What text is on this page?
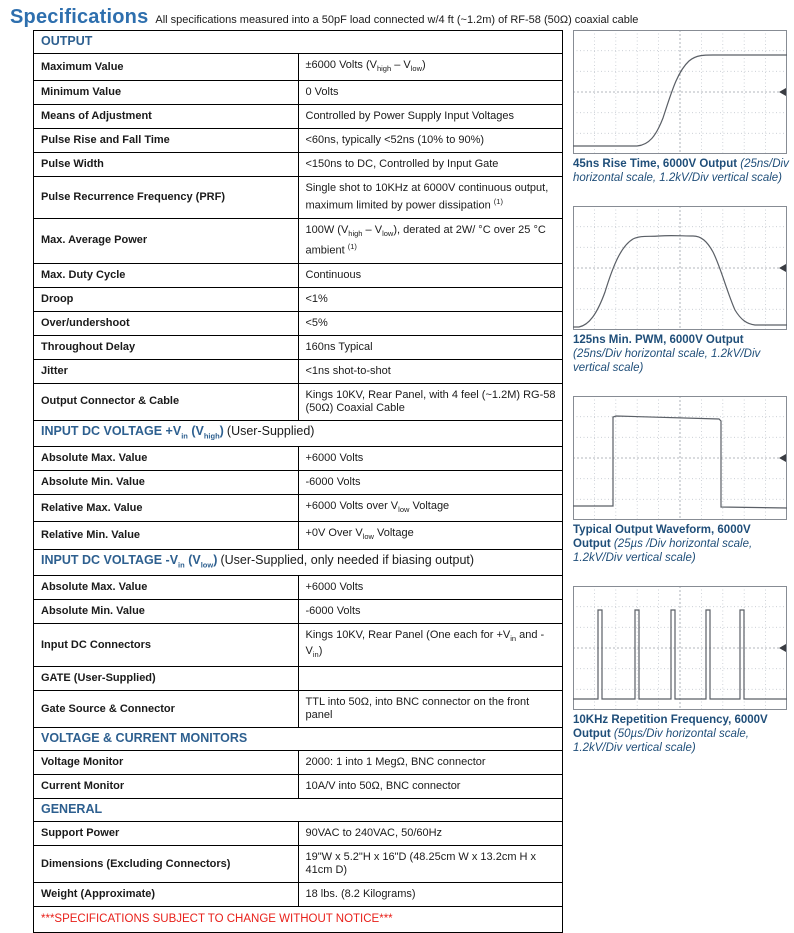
Specifications All specifications measured into a 50pF load connected w/4 ft (~1.2m) of RF-58 (50Ω) coaxial cable
OUTPUT	
Maximum Value	±6000 Volts $(V_{high} - V_{low})$
Minimum Value	0 Volts
Means of Adjustment	Controlled by Power Supply Input Voltages
Pulse Rise and Fall Time	<60ns, typically <52ns (10% to 90%)
Pulse Width	<150ns to DC, Controlled by Input Gate
Pulse Recurrence Frequency (PRF)	Single shot to 10KHz at 6000V continuous output, maximum limited by power dissipation $^{(1)}$
Max. Average Power	100W $(V_{high} - V_{low})$, derated at 2W/ °C over 25 °C ambient $^{(1)}$
Max. Duty Cycle	Continuous
Droop	<1%
Over/undershoot	<5%
Throughout Delay	160ns Typical
Jitter	<1ns shot-to-shot
Output Connector & Cable	Kings 10KV, Rear Panel, with 4 feel (~1.2M) RG-58 (50Ω) Coaxial Cable
INPUT DC VOLTAGE $+V_{in}$ $(V_{high})$ (User-Supplied)	
Absolute Max. Value	+6000 Volts
Absolute Min. Value	-6000 Volts
Relative Max. Value	+6000 Volts over $V_{low}$ Voltage
Relative Min. Value	+0V Over $V_{low}$ Voltage
INPUT DC VOLTAGE $-V_{in}$ $(V_{low})$ (User-Supplied, only needed if biasing output)	
Absolute Max. Value	+6000 Volts
Absolute Min. Value	-6000 Volts
Input DC Connectors	Kings 10KV, Rear Panel (One each for $+V_{in}$ and $-V_{in}$)
GATE (User-Supplied)	
Gate Source & Connector	TTL into 50Ω, into BNC connector on the front panel
VOLTAGE & CURRENT MONITORS	
Voltage Monitor	2000: 1 into 1 MegΩ, BNC connector
Current Monitor	10A/V into 50Ω, BNC connector
GENERAL	
Support Power	90VAC to 240VAC, 50/60Hz
Dimensions (Excluding Connectors)	19"W x 5.2"H x 16"D (48.25cm W x 13.2cm H x 41cm D)
Weight (Approximate)	18 lbs. (8.2 Kilograms)
***SPECIFICATIONS SUBJECT TO CHANGE WITHOUT NOTICE***	
45ns Rise Time, 6000V Output (25ns/Div horizontal scale, 1.2kV/Div vertical scale)
125ns Min. PWM, 6000V Output (25ns/Div horizontal scale, 1.2kV/Div vertical scale)
Typical Output Waveform, 6000V Output (25µs /Div horizontal scale, 1.2kV/Div vertical scale)
10KHz Repetition Frequency, 6000V Output (50µs/Div horizontal scale, 1.2kV/Div vertical scale)
